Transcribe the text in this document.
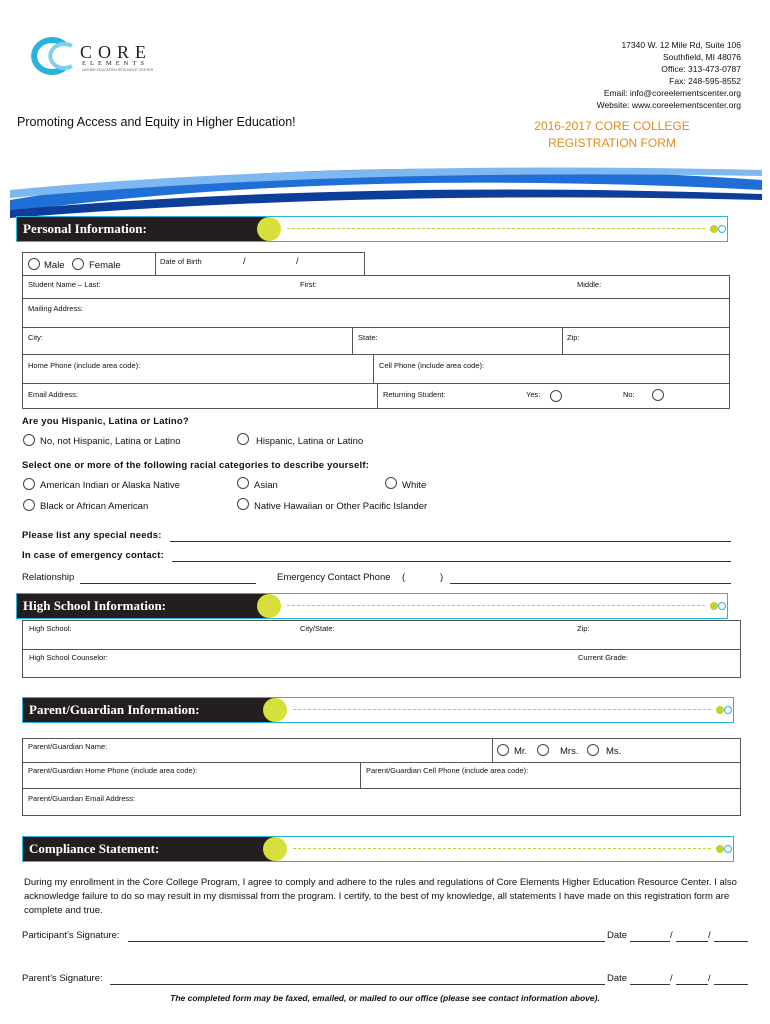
CORE
ELEMENTS
HIGHER EDUCATION RESOURCE CENTER
17340 W. 12 Mile Rd, Suite 106
Southfield, MI 48076
Office: 313-473-0787
Fax: 248-595-8552
Email: info@coreelementscenter.org
Website: www.coreelementscenter.org
Promoting Access and Equity in Higher Education!	2016-2017 CORE COLLEGE
REGISTRATION FORM
Personal Information:
Male	Female	Date of Birth	/	/
Student Name – Last:	First:	Middle:
Mailing Address:
City:	State:	Zip:
Home Phone (include area code):	Cell Phone (include area code):
Email Address:	Returning Student:	Yes:	No:
Are you Hispanic, Latina or Latino?
No, not Hispanic, Latina or Latino	Hispanic, Latina or Latino
Select one or more of the following racial categories to describe yourself:
American Indian or Alaska Native	Asian	White
Black or African American	Native Hawaiian or Other Pacific Islander
Please list any special needs:
In case of emergency contact:
Relationship	Emergency Contact Phone (	)
High School Information:
High School:	City/State:	Zip:
High School Counselor:	Current Grade:
Parent/Guardian Information:
Parent/Guardian Name:	Mr.	Mrs.	Ms.
Parent/Guardian Home Phone (include area code):	Parent/Guardian Cell Phone (include area code):
Parent/Guardian Email Address:
Compliance Statement:
During my enrollment in the Core College Program, I agree to comply and adhere to the rules and regulations of Core Elements Higher Education Resource Center. I also acknowledge failure to do so may result in my dismissal from the program. I certify, to the best of my knowledge, all statements I have made on this registration form are complete and true.
Participant’s Signature:	Date	/	/
Parent’s Signature:	Date	/	/
The completed form may be faxed, emailed, or mailed to our office (please see contact information above).
